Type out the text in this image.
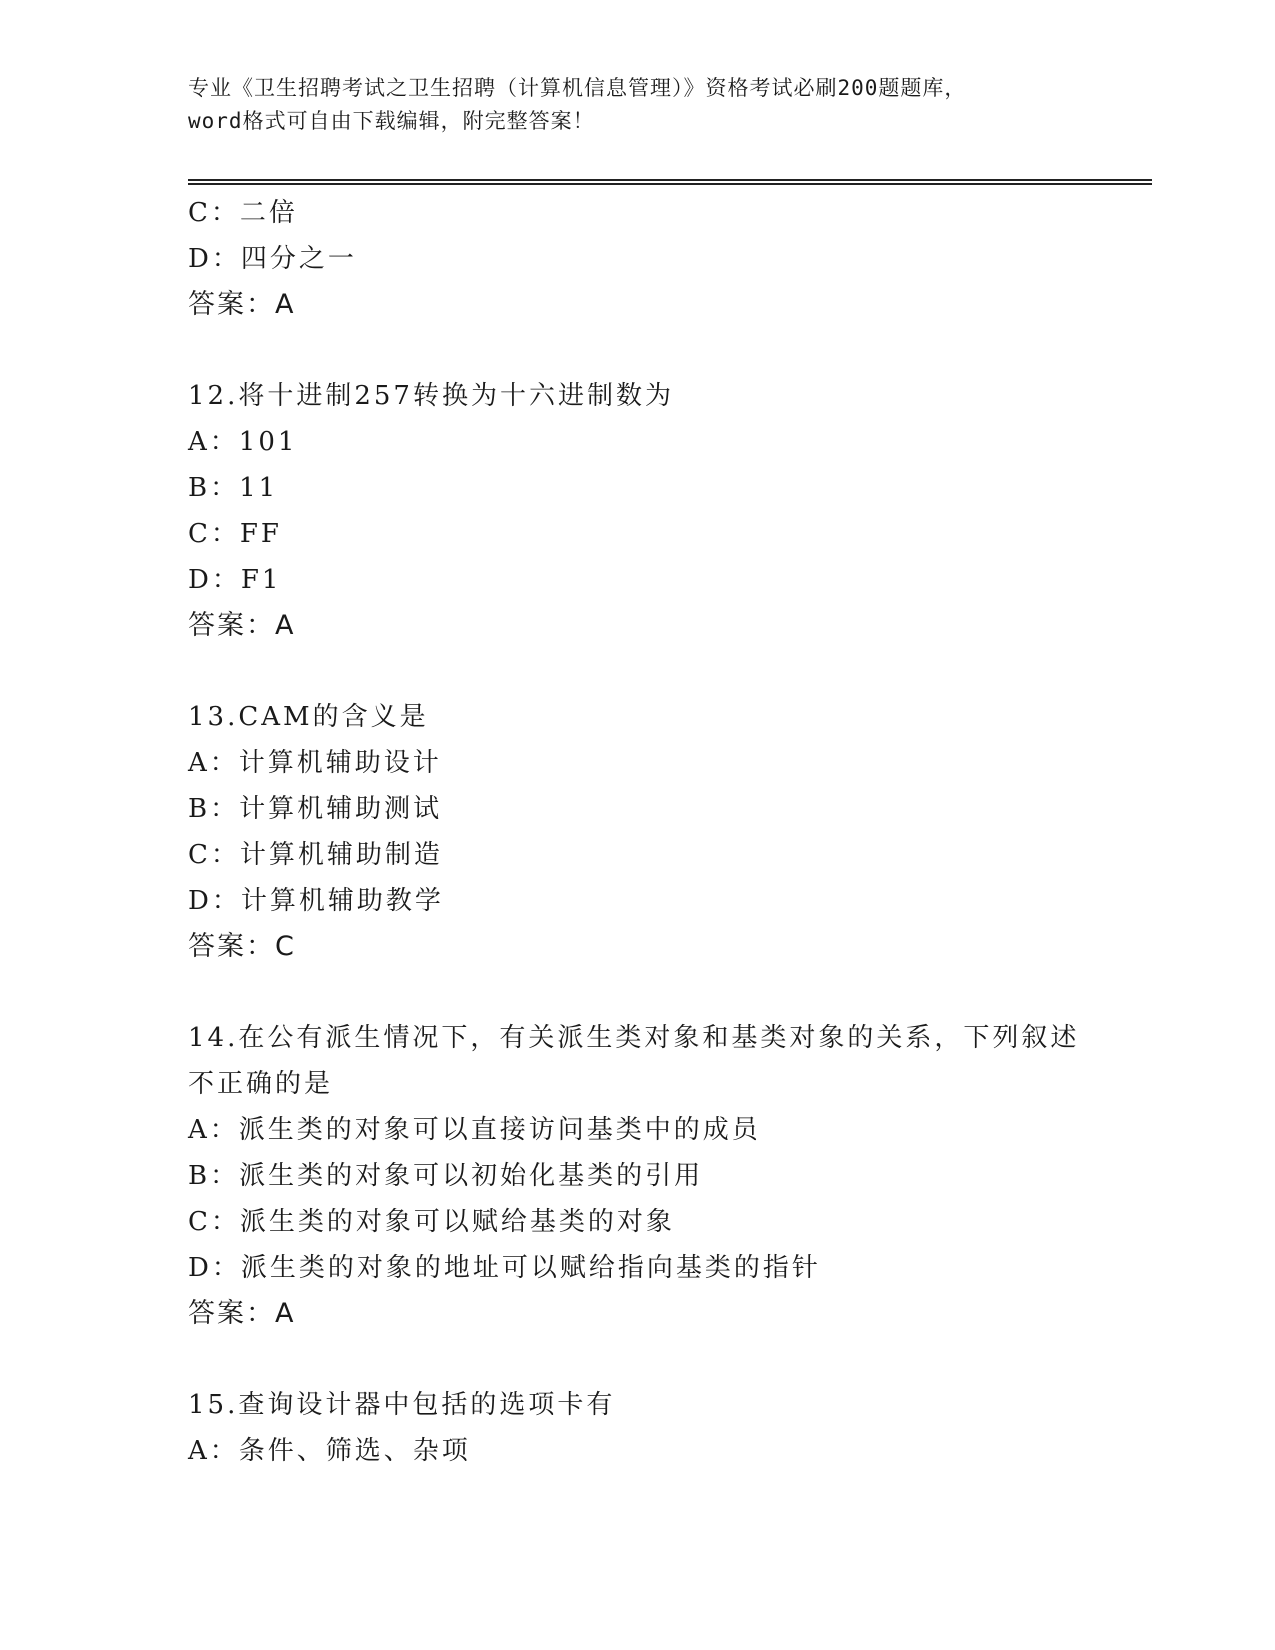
专业《卫生招聘考试之卫生招聘（计算机信息管理）》资格考试必刷200题题库，
word格式可自由下载编辑，附完整答案！
C：二倍
D：四分之一
答案：A
12.将十进制257转换为十六进制数为
A：101
B：11
C：FF
D：F1
答案：A
13.CAM的含义是
A：计算机辅助设计
B：计算机辅助测试
C：计算机辅助制造
D：计算机辅助教学
答案：C
14.在公有派生情况下，有关派生类对象和基类对象的关系，下列叙述
不正确的是
A：派生类的对象可以直接访问基类中的成员
B：派生类的对象可以初始化基类的引用
C：派生类的对象可以赋给基类的对象
D：派生类的对象的地址可以赋给指向基类的指针
答案：A
15.查询设计器中包括的选项卡有
A：条件、筛选、杂项
